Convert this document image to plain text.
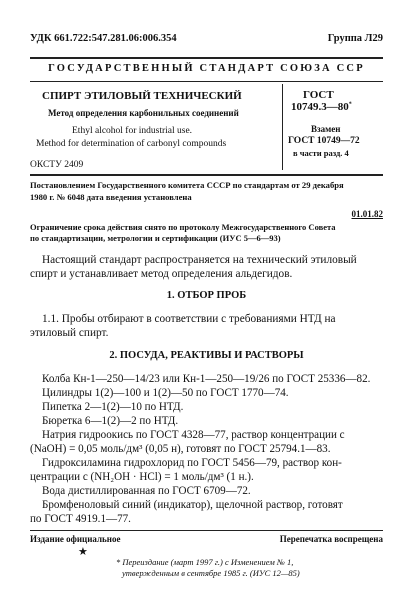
УДК 661.722:547.281.06:006.354	Группа Л29
ГОСУДАРСТВЕННЫЙ СТАНДАРТ СОЮЗА ССР
СПИРТ ЭТИЛОВЫЙ ТЕХНИЧЕСКИЙ
Метод определения карбонильных соединений
Ethyl alcohol for industrial use.
Method for determination of carbonyl compounds
ГОСТ
10749.3—80*
Взамен
ГОСТ 10749—72
в части разд. 4
ОКСТУ 2409
Постановлением Государственного комитета СССР по стандартам от 29 декабря
1980 г. № 6048 дата введения установлена
01.01.82
Ограничение срока действия снято по протоколу Межгосударственного Совета
по стандартизации, метрологии и сертификации (ИУС 5—6—93)
Настоящий стандарт распространяется на технический этиловый
спирт и устанавливает метод определения альдегидов.
1. ОТБОР ПРОБ
1.1. Пробы отбирают в соответствии с требованиями НТД на
этиловый спирт.
2. ПОСУДА, РЕАКТИВЫ И РАСТВОРЫ
Колба Кн-1—250—14/23 или Кн-1—250—19/26 по ГОСТ 25336—82.
Цилиндры 1(2)—100 и 1(2)—50 по ГОСТ 1770—74.
Пипетка 2—1(2)—10 по НТД.
Бюретка 6—1(2)—2 по НТД.
Натрия гидроокись по ГОСТ 4328—77, раствор концентрации с
(NaOH) = 0,05 моль/дм³ (0,05 н), готовят по ГОСТ 25794.1—83.
Гидроксиламина гидрохлорид по ГОСТ 5456—79, раствор кон-
центрации с (NH₂OH · HCl) = 1 моль/дм³ (1 н.).
Вода дистиллированная по ГОСТ 6709—72.
Бромфеноловый синий (индикатор), щелочной раствор, готовят
по ГОСТ 4919.1—77.
Издание официальное	Перепечатка воспрещена
★
* Переиздание (март 1997 г.) с Изменением № 1,
утвержденным в сентябре 1985 г. (ИУС 12—85)
